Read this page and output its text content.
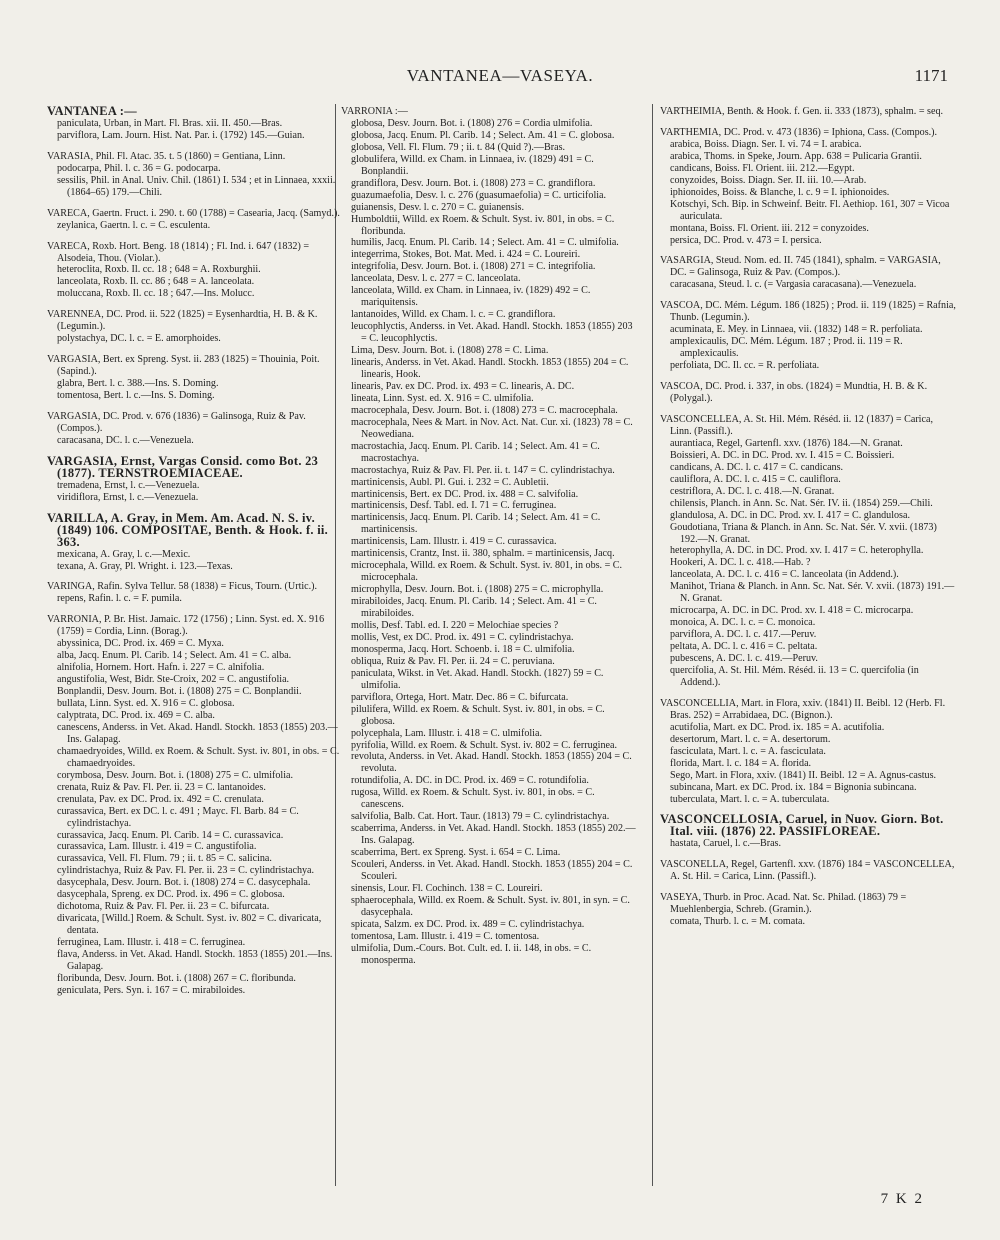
VANTANEA—VASEYA.	1171
VANTANEA :—
paniculata, Urban, in Mart. Fl. Bras. xii. II. 450.—Bras.
parviflora, Lam. Journ. Hist. Nat. Par. i. (1792) 145.—Guian.
VARASIA, Phil. Fl. Atac. 35. t. 5 (1860) = Gentiana, Linn.
podocarpa, Phil. l. c. 36 = G. podocarpa.
sessilis, Phil. in Anal. Univ. Chil. (1861) I. 534 ; et in Linnaea, xxxii. (1864–65) 179.—Chili.
VARECA, Gaertn. Fruct. i. 290. t. 60 (1788) = Casearia, Jacq. (Samyd.).
zeylanica, Gaertn. l. c. = C. esculenta.
VARECA, Roxb. Hort. Beng. 18 (1814) ; Fl. Ind. i. 647 (1832) = Alsodeia, Thou. (Violar.).
heteroclita, Roxb. Il. cc. 18 ; 648 = A. Roxburghii.
lanceolata, Roxb. Il. cc. 86 ; 648 = A. lanceolata.
moluccana, Roxb. Il. cc. 18 ; 647.—Ins. Molucc.
VARENNEA, DC. Prod. ii. 522 (1825) = Eysenhardtia, H. B. & K. (Legumin.).
polystachya, DC. l. c. = E. amorphoides.
VARGASIA, Bert. ex Spreng. Syst. ii. 283 (1825) = Thouinia, Poit. (Sapind.).
glabra, Bert. l. c. 388.—Ins. S. Doming.
tomentosa, Bert. l. c.—Ins. S. Doming.
VARGASIA, DC. Prod. v. 676 (1836) = Galinsoga, Ruiz & Pav. (Compos.).
caracasana, DC. l. c.—Venezuela.
VARGASIA, Ernst, Vargas Consid. como Bot. 23 (1877). TERNSTROEMIACEAE.
tremadena, Ernst, l. c.—Venezuela.
viridiflora, Ernst, l. c.—Venezuela.
VARILLA, A. Gray, in Mem. Am. Acad. N. S. iv. (1849) 106. COMPOSITAE, Benth. & Hook. f. ii. 363.
mexicana, A. Gray, l. c.—Mexic.
texana, A. Gray, Pl. Wright. i. 123.—Texas.
VARINGA, Rafin. Sylva Tellur. 58 (1838) = Ficus, Tourn. (Urtic.).
repens, Rafin. l. c. = F. pumila.
VARRONIA, P. Br. Hist. Jamaic. 172 (1756) ; Linn. Syst. ed. X. 916 (1759) = Cordia, Linn. (Borag.).
abyssinica, DC. Prod. ix. 469 = C. Myxa.
alba, Jacq. Enum. Pl. Carib. 14 ; Select. Am. 41 = C. alba.
alnifolia, Hornem. Hort. Hafn. i. 227 = C. alnifolia.
angustifolia, West, Bidr. Ste-Croix, 202 = C. angustifolia.
Bonplandii, Desv. Journ. Bot. i. (1808) 275 = C. Bonplandii.
bullata, Linn. Syst. ed. X. 916 = C. globosa.
calyptrata, DC. Prod. ix. 469 = C. alba.
canescens, Anderss. in Vet. Akad. Handl. Stockh. 1853 (1855) 203.—Ins. Galapag.
chamaedryoides, Willd. ex Roem. & Schult. Syst. iv. 801, in obs. = C. chamaedryoides.
corymbosa, Desv. Journ. Bot. i. (1808) 275 = C. ulmifolia.
crenata, Ruiz & Pav. Fl. Per. ii. 23 = C. lantanoides.
crenulata, Pav. ex DC. Prod. ix. 492 = C. crenulata.
curassavica, Bert. ex DC. l. c. 491 ; Mayc. Fl. Barb. 84 = C. cylindristachya.
curassavica, Jacq. Enum. Pl. Carib. 14 = C. curassavica.
curassavica, Lam. Illustr. i. 419 = C. angustifolia.
curassavica, Vell. Fl. Flum. 79 ; ii. t. 85 = C. salicina.
cylindristachya, Ruiz & Pav. Fl. Per. ii. 23 = C. cylindristachya.
dasycephala, Desv. Journ. Bot. i. (1808) 274 = C. dasycephala.
dasycephala, Spreng. ex DC. Prod. ix. 496 = C. globosa.
dichotoma, Ruiz & Pav. Fl. Per. ii. 23 = C. bifurcata.
divaricata, [Willd.] Roem. & Schult. Syst. iv. 802 = C. divaricata, dentata.
ferruginea, Lam. Illustr. i. 418 = C. ferruginea.
flava, Anderss. in Vet. Akad. Handl. Stockh. 1853 (1855) 201.—Ins. Galapag.
floribunda, Desv. Journ. Bot. i. (1808) 267 = C. floribunda.
geniculata, Pers. Syn. i. 167 = C. mirabiloides.
VARRONIA :—
globosa, Desv. Journ. Bot. i. (1808) 276 = Cordia ulmifolia.
globosa, Jacq. Enum. Pl. Carib. 14 ; Select. Am. 41 = C. globosa.
globosa, Vell. Fl. Flum. 79 ; ii. t. 84 (Quid ?).—Bras.
globulifera, Willd. ex Cham. in Linnaea, iv. (1829) 491 = C. Bonplandii.
grandiflora, Desv. Journ. Bot. i. (1808) 273 = C. grandiflora.
guazumaefolia, Desv. l. c. 276 (guasumaefolia) = C. urticifolia.
guianensis, Desv. l. c. 270 = C. guianensis.
Humboldtii, Willd. ex Roem. & Schult. Syst. iv. 801, in obs. = C. floribunda.
humilis, Jacq. Enum. Pl. Carib. 14 ; Select. Am. 41 = C. ulmifolia.
integerrima, Stokes, Bot. Mat. Med. i. 424 = C. Loureiri.
integrifolia, Desv. Journ. Bot. i. (1808) 271 = C. integrifolia.
lanceolata, Desv. l. c. 277 = C. lanceolata.
lanceolata, Willd. ex Cham. in Linnaea, iv. (1829) 492 = C. mariquitensis.
lantanoides, Willd. ex Cham. l. c. = C. grandiflora.
leucophlyctis, Anderss. in Vet. Akad. Handl. Stockh. 1853 (1855) 203 = C. leucophlyctis.
Lima, Desv. Journ. Bot. i. (1808) 278 = C. Lima.
linearis, Anderss. in Vet. Akad. Handl. Stockh. 1853 (1855) 204 = C. linearis, Hook.
linearis, Pav. ex DC. Prod. ix. 493 = C. linearis, A. DC.
lineata, Linn. Syst. ed. X. 916 = C. ulmifolia.
macrocephala, Desv. Journ. Bot. i. (1808) 273 = C. macrocephala.
macrocephala, Nees & Mart. in Nov. Act. Nat. Cur. xi. (1823) 78 = C. Neowediana.
macrostachia, Jacq. Enum. Pl. Carib. 14 ; Select. Am. 41 = C. macrostachya.
macrostachya, Ruiz & Pav. Fl. Per. ii. t. 147 = C. cylindristachya.
martinicensis, Aubl. Pl. Gui. i. 232 = C. Aubletii.
martinicensis, Bert. ex DC. Prod. ix. 488 = C. salvifolia.
martinicensis, Desf. Tabl. ed. I. 71 = C. ferruginea.
martinicensis, Jacq. Enum. Pl. Carib. 14 ; Select. Am. 41 = C. martinicensis.
martinicensis, Lam. Illustr. i. 419 = C. curassavica.
martinicensis, Crantz, Inst. ii. 380, sphalm. = martinicensis, Jacq.
microcephala, Willd. ex Roem. & Schult. Syst. iv. 801, in obs. = C. microcephala.
microphylla, Desv. Journ. Bot. i. (1808) 275 = C. microphylla.
mirabiloides, Jacq. Enum. Pl. Carib. 14 ; Select. Am. 41 = C. mirabiloides.
mollis, Desf. Tabl. ed. I. 220 = Melochiae species ?
mollis, Vest, ex DC. Prod. ix. 491 = C. cylindristachya.
monosperma, Jacq. Hort. Schoenb. i. 18 = C. ulmifolia.
obliqua, Ruiz & Pav. Fl. Per. ii. 24 = C. peruviana.
paniculata, Wikst. in Vet. Akad. Handl. Stockh. (1827) 59 = C. ulmifolia.
parviflora, Ortega, Hort. Matr. Dec. 86 = C. bifurcata.
pilulifera, Willd. ex Roem. & Schult. Syst. iv. 801, in obs. = C. globosa.
polycephala, Lam. Illustr. i. 418 = C. ulmifolia.
pyrifolia, Willd. ex Roem. & Schult. Syst. iv. 802 = C. ferruginea.
revoluta, Anderss. in Vet. Akad. Handl. Stockh. 1853 (1855) 204 = C. revoluta.
rotundifolia, A. DC. in DC. Prod. ix. 469 = C. rotundifolia.
rugosa, Willd. ex Roem. & Schult. Syst. iv. 801, in obs. = C. canescens.
salvifolia, Balb. Cat. Hort. Taur. (1813) 79 = C. cylindristachya.
scaberrima, Anderss. in Vet. Akad. Handl. Stockh. 1853 (1855) 202.—Ins. Galapag.
scaberrima, Bert. ex Spreng. Syst. i. 654 = C. Lima.
Scouleri, Anderss. in Vet. Akad. Handl. Stockh. 1853 (1855) 204 = C. Scouleri.
sinensis, Lour. Fl. Cochinch. 138 = C. Loureiri.
sphaerocephala, Willd. ex Roem. & Schult. Syst. iv. 801, in syn. = C. dasycephala.
spicata, Salzm. ex DC. Prod. ix. 489 = C. cylindristachya.
tomentosa, Lam. Illustr. i. 419 = C. tomentosa.
ulmifolia, Dum.-Cours. Bot. Cult. ed. I. ii. 148, in obs. = C. monosperma.
VARTHEIMIA, Benth. & Hook. f. Gen. ii. 333 (1873), sphalm. = seq.
VARTHEMIA, DC. Prod. v. 473 (1836) = Iphiona, Cass. (Compos.).
arabica, Boiss. Diagn. Ser. I. vi. 74 = I. arabica.
arabica, Thoms. in Speke, Journ. App. 638 = Pulicaria Grantii.
candicans, Boiss. Fl. Orient. iii. 212.—Egypt.
conyzoides, Boiss. Diagn. Ser. II. iii. 10.—Arab.
iphionoides, Boiss. & Blanche, l. c. 9 = I. iphionoides.
Kotschyi, Sch. Bip. in Schweinf. Beitr. Fl. Aethiop. 161, 307 = Vicoa auriculata.
montana, Boiss. Fl. Orient. iii. 212 = conyzoides.
persica, DC. Prod. v. 473 = I. persica.
VASARGIA, Steud. Nom. ed. II. 745 (1841), sphalm. = VARGASIA, DC. = Galinsoga, Ruiz & Pav. (Compos.).
caracasana, Steud. l. c. (= Vargasia caracasana).—Venezuela.
VASCOA, DC. Mém. Légum. 186 (1825) ; Prod. ii. 119 (1825) = Rafnia, Thunb. (Legumin.).
acuminata, E. Mey. in Linnaea, vii. (1832) 148 = R. perfoliata.
amplexicaulis, DC. Mém. Légum. 187 ; Prod. ii. 119 = R. amplexicaulis.
perfoliata, DC. Il. cc. = R. perfoliata.
VASCOA, DC. Prod. i. 337, in obs. (1824) = Mundtia, H. B. & K. (Polygal.).
VASCONCELLEA, A. St. Hil. Mém. Réséd. ii. 12 (1837) = Carica, Linn. (Passifl.).
aurantiaca, Regel, Gartenfl. xxv. (1876) 184.—N. Granat.
Boissieri, A. DC. in DC. Prod. xv. I. 415 = C. Boissieri.
candicans, A. DC. l. c. 417 = C. candicans.
cauliflora, A. DC. l. c. 415 = C. cauliflora.
cestriflora, A. DC. l. c. 418.—N. Granat.
chilensis, Planch. in Ann. Sc. Nat. Sér. IV. ii. (1854) 259.—Chili.
glandulosa, A. DC. in DC. Prod. xv. I. 417 = C. glandulosa.
Goudotiana, Triana & Planch. in Ann. Sc. Nat. Sér. V. xvii. (1873) 192.—N. Granat.
heterophylla, A. DC. in DC. Prod. xv. I. 417 = C. heterophylla.
Hookeri, A. DC. l. c. 418.—Hab. ?
lanceolata, A. DC. l. c. 416 = C. lanceolata (in Addend.).
Manihot, Triana & Planch. in Ann. Sc. Nat. Sér. V. xvii. (1873) 191.—N. Granat.
microcarpa, A. DC. in DC. Prod. xv. I. 418 = C. microcarpa.
monoica, A. DC. l. c. = C. monoica.
parviflora, A. DC. l. c. 417.—Peruv.
peltata, A. DC. l. c. 416 = C. peltata.
pubescens, A. DC. l. c. 419.—Peruv.
quercifolia, A. St. Hil. Mém. Réséd. ii. 13 = C. quercifolia (in Addend.).
VASCONCELLIA, Mart. in Flora, xxiv. (1841) II. Beibl. 12 (Herb. Fl. Bras. 252) = Arrabidaea, DC. (Bignon.).
acutifolia, Mart. ex DC. Prod. ix. 185 = A. acutifolia.
desertorum, Mart. l. c. = A. desertorum.
fasciculata, Mart. l. c. = A. fasciculata.
florida, Mart. l. c. 184 = A. florida.
Sego, Mart. in Flora, xxiv. (1841) II. Beibl. 12 = A. Agnus-castus.
subincana, Mart. ex DC. Prod. ix. 184 = Bignonia subincana.
tuberculata, Mart. l. c. = A. tuberculata.
VASCONCELLOSIA, Caruel, in Nuov. Giorn. Bot. Ital. viii. (1876) 22. PASSIFLOREAE.
hastata, Caruel, l. c.—Bras.
VASCONELLA, Regel, Gartenfl. xxv. (1876) 184 = VASCONCELLEA, A. St. Hil. = Carica, Linn. (Passifl.).
VASEYA, Thurb. in Proc. Acad. Nat. Sc. Philad. (1863) 79 = Muehlenbergia, Schreb. (Gramin.).
comata, Thurb. l. c. = M. comata.
7 K 2
